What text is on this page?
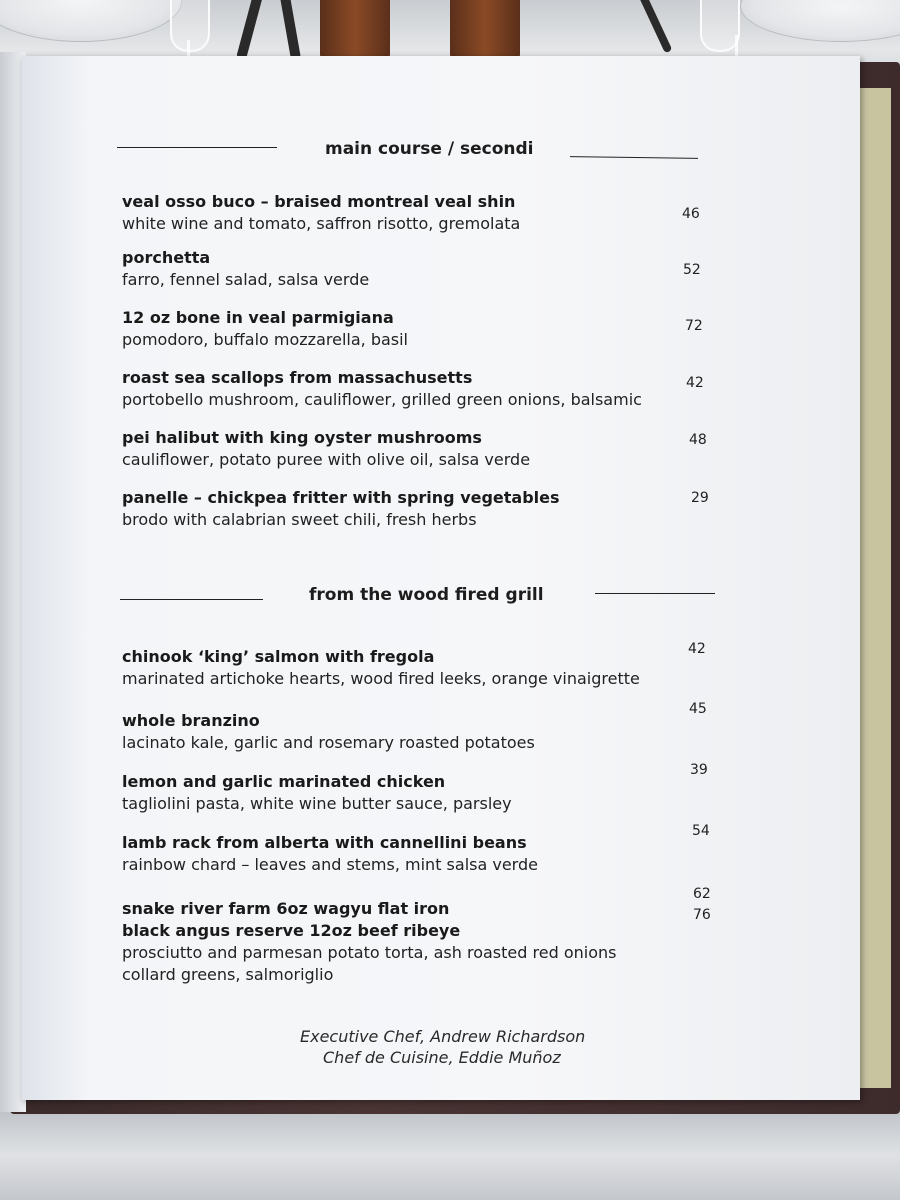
main course / secondi
veal osso buco – braised montreal veal shin
white wine and tomato, saffron risotto, gremolata	46
porchetta
farro, fennel salad, salsa verde	52
12 oz bone in veal parmigiana
pomodoro, buffalo mozzarella, basil
72
roast sea scallops from massachusetts
portobello mushroom, cauliflower, grilled green onions, balsamic
42
pei halibut with king oyster mushrooms
cauliflower, potato puree with olive oil, salsa verde
48
panelle – chickpea fritter with spring vegetables
brodo with calabrian sweet chili, fresh herbs
29
from the wood fired grill
chinook ‘king’ salmon with fregola
marinated artichoke hearts, wood fired leeks, orange vinaigrette
42
whole branzino
lacinato kale, garlic and rosemary roasted potatoes
45
lemon and garlic marinated chicken
tagliolini pasta, white wine butter sauce, parsley
39
lamb rack from alberta with cannellini beans
rainbow chard – leaves and stems, mint salsa verde
54
snake river farm 6oz wagyu flat iron
black angus reserve 12oz beef ribeye
prosciutto and parmesan potato torta, ash roasted red onions
collard greens, salmoriglio
62
76
Executive Chef, Andrew Richardson
Chef de Cuisine, Eddie Muñoz
